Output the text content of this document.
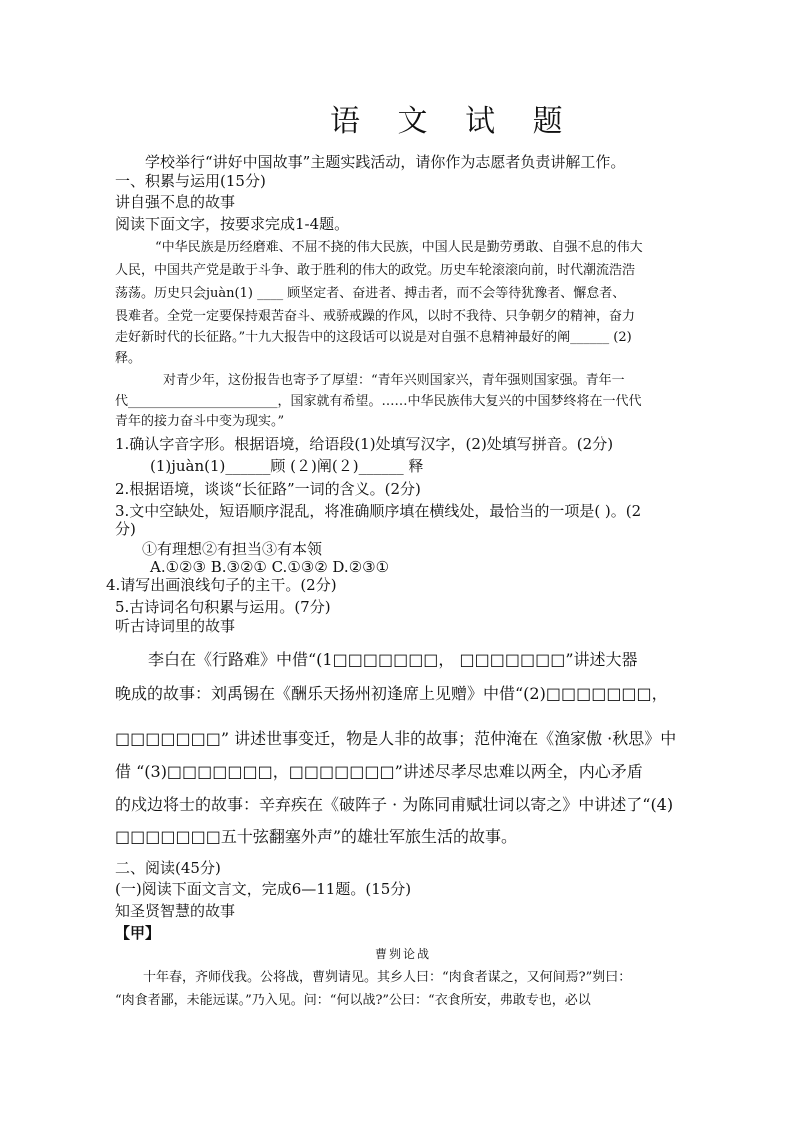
语 文 试 题
学校举行“讲好中国故事”主题实践活动，请你作为志愿者负责讲解工作。
一、积累与运用(15分)
讲自强不息的故事
阅读下面文字，按要求完成1-4题。
“中华民族是历经磨难、不屈不挠的伟大民族，中国人民是勤劳勇敢、自强不息的伟大
人民，中国共产党是敢于斗争、敢于胜利的伟大的政党。历史车轮滚滚向前，时代潮流浩浩
荡荡。历史只会juàn(1) ____ 顾坚定者、奋进者、搏击者，而不会等待犹豫者、懈怠者、
畏难者。全党一定要保持艰苦奋斗、戒骄戒躁的作风，以时不我待、只争朝夕的精神，奋力
走好新时代的长征路。”十九大报告中的这段话可以说是对自强不息精神最好的阐______ (2)
释。
对青少年，这份报告也寄予了厚望：“青年兴则国家兴，青年强则国家强。青年一
代_______________________，国家就有希望。……中华民族伟大复兴的中国梦终将在一代代
青年的接力奋斗中变为现实。”
1.确认字音字形。根据语境，给语段(1)处填写汉字，(2)处填写拼音。(2分)
(1)juàn(1)______顾 (２)阐(２)______ 释
2.根据语境，谈谈“长征路”一词的含义。(2分)
3.文中空缺处，短语顺序混乱，将准确顺序填在横线处，最恰当的一项是( )。(2
分)
①有理想②有担当③有本领
A.①②③ B.③②① C.①③② D.②③①
4.请写出画浪线句子的主干。(2分)
5.古诗词名句积累与运用。(7分)
听古诗词里的故事
李白在《行路难》中借“(1□□□□□□□， □□□□□□□”讲述大器
晚成的故事：刘禹锡在《酬乐天扬州初逢席上见赠》中借“(2)□□□□□□□，
□□□□□□□” 讲述世事变迁，物是人非的故事；范仲淹在《渔家傲 ·秋思》中
借 “(3)□□□□□□□，□□□□□□□”讲述尽孝尽忠难以两全，内心矛盾
的戍边将士的故事：辛弃疾在《破阵子 · 为陈同甫赋壮词以寄之》中讲述了“(4)
□□□□□□□五十弦翻塞外声”的雄壮军旅生活的故事。
二、阅读(45分)
(一)阅读下面文言文，完成6—11题。(15分)
知圣贤智慧的故事
【甲】
曹刿论战
十年春，齐师伐我。公将战，曹刿请见。其乡人曰：“肉食者谋之，又何间焉?”刿曰：
“肉食者鄙，未能远谋。”乃入见。问：“何以战?”公曰：“衣食所安，弗敢专也，必以
